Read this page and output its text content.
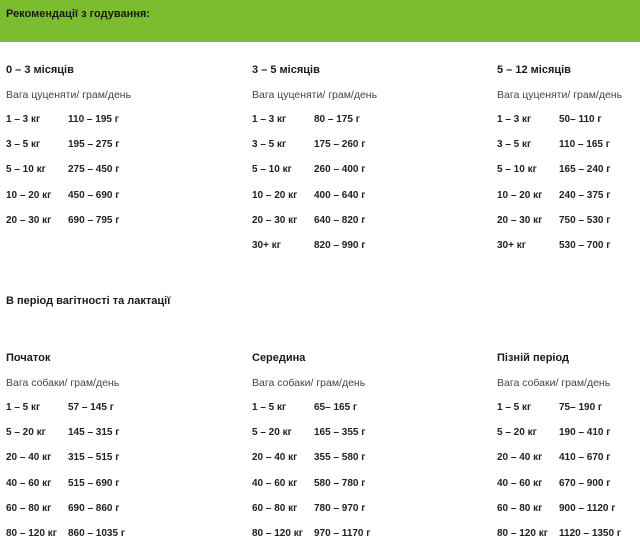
Рекомендації з годування:
0 – 3 місяців
Вага цуценяти/ грам/день
1 – 3 кг	110 – 195 г
3 – 5 кг	195 – 275 г
5 – 10 кг 275 – 450 г
10 – 20 кг 450 – 690 г
20 – 30 кг 690 – 795 г
3 – 5 місяців
Вага цуценяти/ грам/день
1 – 3 кг	80 – 175 г
3 – 5 кг	175 – 260 г
5 – 10 кг 260 – 400 г
10 – 20 кг 400 – 640 г
20 – 30 кг 640 – 820 г
30+ кг	820 – 990 г
5 – 12 місяців
Вага цуценяти/ грам/день
1 – 3 кг	50– 110 г
3 – 5 кг	110 – 165 г
5 – 10 кг 165 – 240 г
10 – 20 кг 240 – 375 г
20 – 30 кг 750 – 530 г
30+ кг	530 – 700 г
В період вагітності та лактації
Початок
Вага собаки/ грам/день
1 – 5 кг	57 – 145 г
5 – 20 кг 145 – 315 г
20 – 40 кг 315 – 515 г
40 – 60 кг 515 – 690 г
60 – 80 кг 690 – 860 г
80 – 120 кг 860 – 1035 г
Середина
Вага собаки/ грам/день
1 – 5 кг	65– 165 г
5 – 20 кг 165 – 355 г
20 – 40 кг 355 – 580 г
40 – 60 кг 580 – 780 г
60 – 80 кг 780 – 970 г
80 – 120 кг 970 – 1170 г
Пізній період
Вага собаки/ грам/день
1 – 5 кг	75– 190 г
5 – 20 кг 190 – 410 г
20 – 40 кг 410 – 670 г
40 – 60 кг 670 – 900 г
60 – 80 кг 900 – 1120 г
80 – 120 кг 1120 – 1350 г
